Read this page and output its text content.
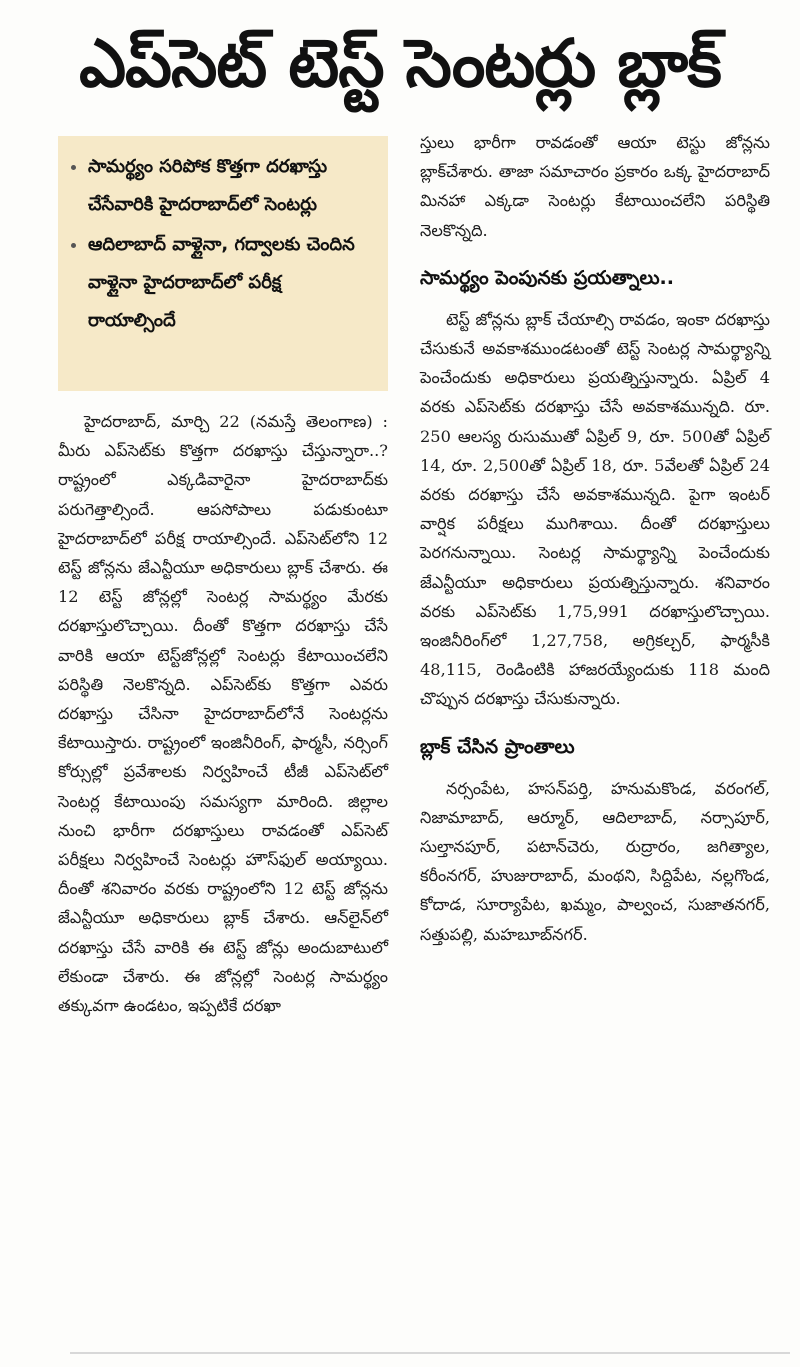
ఎప్‌సెట్ టెస్ట్ సెంటర్లు బ్లాక్
• సామర్థ్యం సరిపోక కొత్తగా దరఖాస్తు చేసేవారికి హైదరాబాద్‌లో సెంటర్లు
• ఆదిలాబాద్ వాళ్లైనా, గద్వాలకు చెందిన వాళ్లైనా హైదరాబాద్‌లో పరీక్ష రాయాల్సిందే

హైదరాబాద్, మార్చి 22 (నమస్తే తెలంగాణ) : మీరు ఎప్‌సెట్‌కు కొత్తగా దరఖాస్తు చేస్తున్నారా..? రాష్ట్రంలో ఎక్కడివారైనా హైదరాబాద్‌కు పరుగెత్తాల్సిందే. ఆపసోపాలు పడుకుంటూ హైదరాబాద్‌లో పరీక్ష రాయాల్సిందే. ఎప్‌సెట్‌లోని 12 టెస్ట్ జోన్లను జేఎన్టీయూ అధికారులు బ్లాక్ చేశారు. ఈ 12 టెస్ట్ జోన్లల్లో సెంటర్ల సామర్థ్యం మేరకు దరఖాస్తులొచ్చాయి. దీంతో కొత్తగా దరఖాస్తు చేసే వారికి ఆయా టెస్ట్‌జోన్లల్లో సెంటర్లు కేటాయించలేని పరిస్థితి నెలకొన్నది. ఎప్‌సెట్‌కు కొత్తగా ఎవరు దరఖాస్తు చేసినా హైదరాబాద్‌లోనే సెంటర్లను కేటాయిస్తారు. రాష్ట్రంలో ఇంజినీరింగ్, ఫార్మసీ, నర్సింగ్ కోర్సుల్లో ప్రవేశాలకు నిర్వహించే టీజీ ఎప్‌సెట్‌లో సెంటర్ల కేటాయింపు సమస్యగా మారింది. జిల్లాల నుంచి భారీగా దరఖాస్తులు రావడంతో ఎప్‌సెట్ పరీక్షలు నిర్వహించే సెంటర్లు హౌస్‌ఫుల్ అయ్యాయి. దీంతో శనివారం వరకు రాష్ట్రంలోని 12 టెస్ట్ జోన్లను జేఎన్టీయూ అధికారులు బ్లాక్ చేశారు. ఆన్‌లైన్‌లో దరఖాస్తు చేసే వారికి ఈ టెస్ట్ జోన్లు అందుబాటులో లేకుండా చేశారు. ఈ జోన్లల్లో సెంటర్ల సామర్థ్యం తక్కువగా ఉండటం, ఇప్పటికే దరఖా

స్తులు భారీగా రావడంతో ఆయా టెస్టు జోన్లను బ్లాక్‌చేశారు. తాజా సమాచారం ప్రకారం ఒక్క హైదరాబాద్ మినహా ఎక్కడా సెంటర్లు కేటాయించలేని పరిస్థితి నెలకొన్నది.

సామర్థ్యం పెంపునకు ప్రయత్నాలు..

టెస్ట్ జోన్లను బ్లాక్ చేయాల్సి రావడం, ఇంకా దరఖాస్తు చేసుకునే అవకాశముండటంతో టెస్ట్ సెంటర్ల సామర్థ్యాన్ని పెంచేందుకు అధికారులు ప్రయత్నిస్తున్నారు. ఏప్రిల్ 4 వరకు ఎప్‌సెట్‌కు దరఖాస్తు చేసే అవకాశమున్నది. రూ. 250 ఆలస్య రుసుముతో ఏప్రిల్ 9, రూ. 500తో ఏప్రిల్ 14, రూ. 2,500తో ఏప్రిల్ 18, రూ. 5వేలతో ఏప్రిల్ 24 వరకు దరఖాస్తు చేసే అవకాశమున్నది. పైగా ఇంటర్ వార్షిక పరీక్షలు ముగిశాయి. దీంతో దరఖాస్తులు పెరగనున్నాయి. సెంటర్ల సామర్థ్యాన్ని పెంచేందుకు జేఎన్టీయూ అధికారులు ప్రయత్నిస్తున్నారు. శనివారం వరకు ఎప్‌సెట్‌కు 1,75,991 దరఖాస్తులొచ్చాయి. ఇంజినీరింగ్‌లో 1,27,758, అగ్రికల్చర్, ఫార్మసీకి 48,115, రెండింటికి హాజరయ్యేందుకు 118 మంది చొప్పున దరఖాస్తు చేసుకున్నారు.

బ్లాక్ చేసిన ప్రాంతాలు

నర్సంపేట, హసన్‌పర్తి, హనుమకొండ, వరంగల్, నిజామాబాద్, ఆర్మూర్, ఆదిలాబాద్, నర్సాపూర్, సుల్తానపూర్, పటాన్‌చెరు, రుద్రారం, జగిత్యాల, కరీంనగర్, హుజురాబాద్, మంథని, సిద్దిపేట, నల్లగొండ, కోదాడ, సూర్యాపేట, ఖమ్మం, పాల్వంచ, సుజాతనగర్, సత్తుపల్లి, మహబూబ్‌నగర్.
